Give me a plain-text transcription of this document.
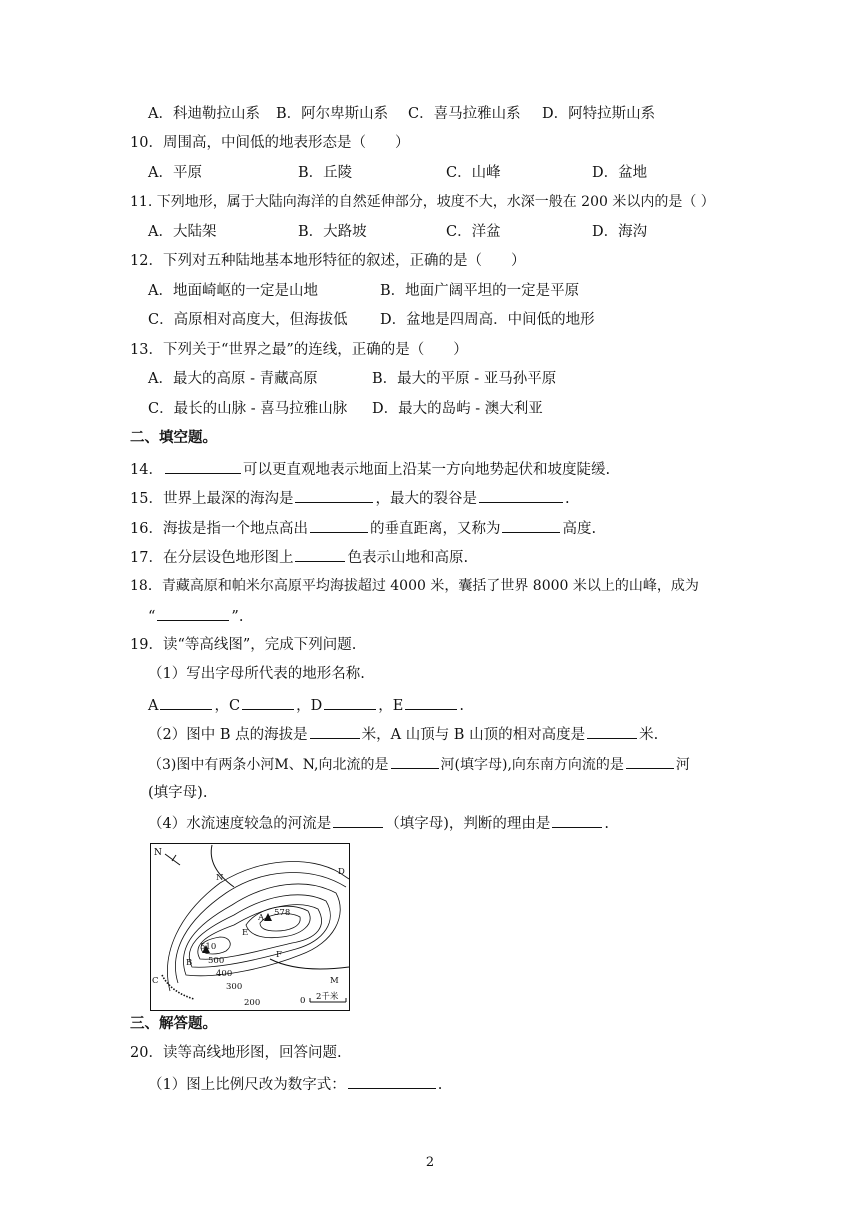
A．科迪勒拉山系 B．阿尔卑斯山系 C．喜马拉雅山系 D．阿特拉斯山系
10．周围高，中间低的地表形态是（　　）
A．平原	B．丘陵	C．山峰	D．盆地
11. 下列地形，属于大陆向海洋的自然延伸部分，坡度不大，水深一般在 200 米以内的是（ ）
A．大陆架	B．大路坡	C．洋盆	D．海沟
12．下列对五种陆地基本地形特征的叙述，正确的是（　　）
A．地面崎岖的一定是山地	B．地面广阔平坦的一定是平原
C．高原相对高度大，但海拔低 D．盆地是四周高．中间低的地形
13．下列关于“世界之最”的连线，正确的是（　　）
A．最大的高原 - 青藏高原	B．最大的平原 - 亚马孙平原
C．最长的山脉 - 喜马拉雅山脉 D．最大的岛屿 - 澳大利亚
二、填空题。
14．	可以更直观地表示地面上沿某一方向地势起伏和坡度陡缓.
15．世界上最深的海沟是	，最大的裂谷是	.
16．海拔是指一个地点高出	的垂直距离，又称为	高度.
17．在分层设色地形图上	色表示山地和高原.
18．青藏高原和帕米尔高原平均海拔超过 4000 米，囊括了世界 8000 米以上的山峰，成为
“	”.
19．读“等高线图”，完成下列问题.
（1）写出字母所代表的地形名称.
A	，C	，D	，E	.
（2）图中 B 点的海拔是	米，A 山顶与 B 山顶的相对高度是	米.
（3)图中有两条小河M、N,向北流的是	河(填字母),向东南方向流的是	河
(填字母).
（4）水流速度较急的河流是	（填字母)，判断的理由是	.
N
N
D
A 578
E
B
510
500
400
300
200
C
F
M
0 2千米
三、解答题。
20．读等高线地形图，回答问题.
（1）图上比例尺改为数字式：	.
2
